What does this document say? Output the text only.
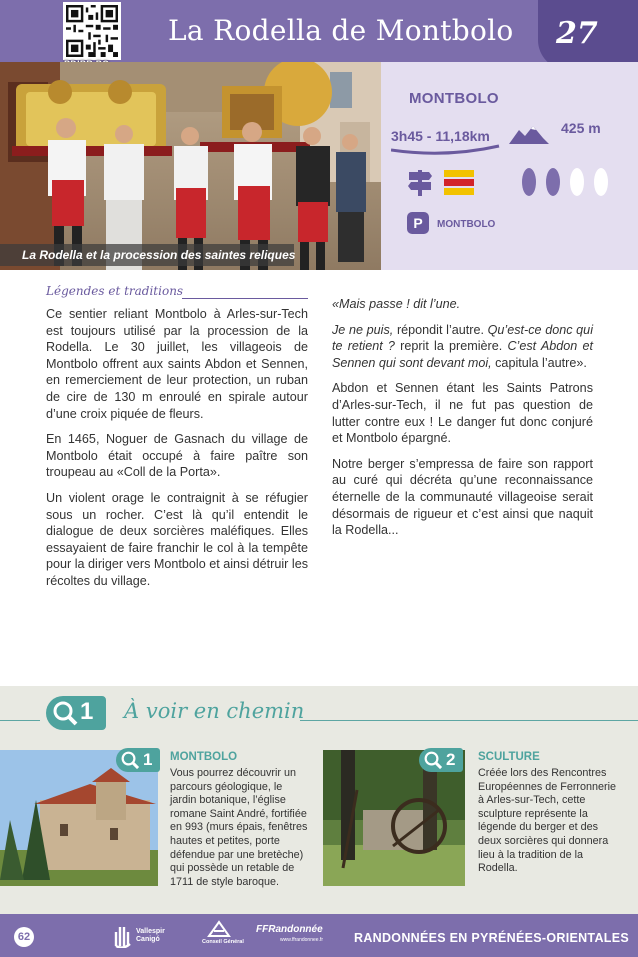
La Rodella de Montbolo 27
La Rodella et la procession des saintes reliques
MONTBOLO
3h45 - 11,18km	425 m
P	MONTBOLO
Légendes et traditions

Ce sentier reliant Montbolo à Arles-sur-Tech est toujours utilisé par la procession de la Rodella. Le 30 juillet, les villageois de Montbolo offrent aux saints Abdon et Sennen, en remerciement de leur protection, un ruban de cire de 130 m enroulé en spirale autour d’une croix piquée de fleurs.

En 1465, Noguer de Gasnach du village de Montbolo était occupé à faire paître son troupeau au «Coll de la Porta».

Un violent orage le contraignit à se réfugier sous un rocher. C’est là qu’il entendit le dialogue de deux sorcières maléfiques. Elles essayaient de faire franchir le col à la tempête pour la diriger vers Montbolo et ainsi détruir les récoltes du village.

«Mais passe ! dit l’une.

Je ne puis, répondit l’autre. Qu’est-ce donc qui te retient ? reprit la première. C’est Abdon et Sennen qui sont devant moi, capitula l’autre».

Abdon et Sennen étant les Saints Patrons d’Arles-sur-Tech, il ne fut pas question de lutter contre eux ! Le danger fut donc conjuré et Montbolo épargné.

Notre berger s’empressa de faire son rapport au curé qui décréta qu’une reconnaissance éternelle de la communauté villageoise serait désormais de rigueur et c’est ainsi que naquit la Rodella...

1 À voir en chemin
1 MONTBOLO
Vous pourrez découvrir un parcours géologique, le jardin botanique, l’église romane Saint André, fortifiée en 993 (murs épais, fenêtres hautes et petites, porte défendue par une bretèche) qui possède un retable de 1711 de style baroque.
2 SCULTURE
Créée lors des Rencontres Européennes de Ferronnerie à Arles-sur-Tech, cette sculpture représente la légende du berger et des deux sorcières qui donnera lieu à la tradition de la Rodella.
62	Vallespir Canigó	Conseil Général
FFRandonnée
www.ffrandonnee.fr RANDONNÉES EN PYRÉNÉES-ORIENTALES
